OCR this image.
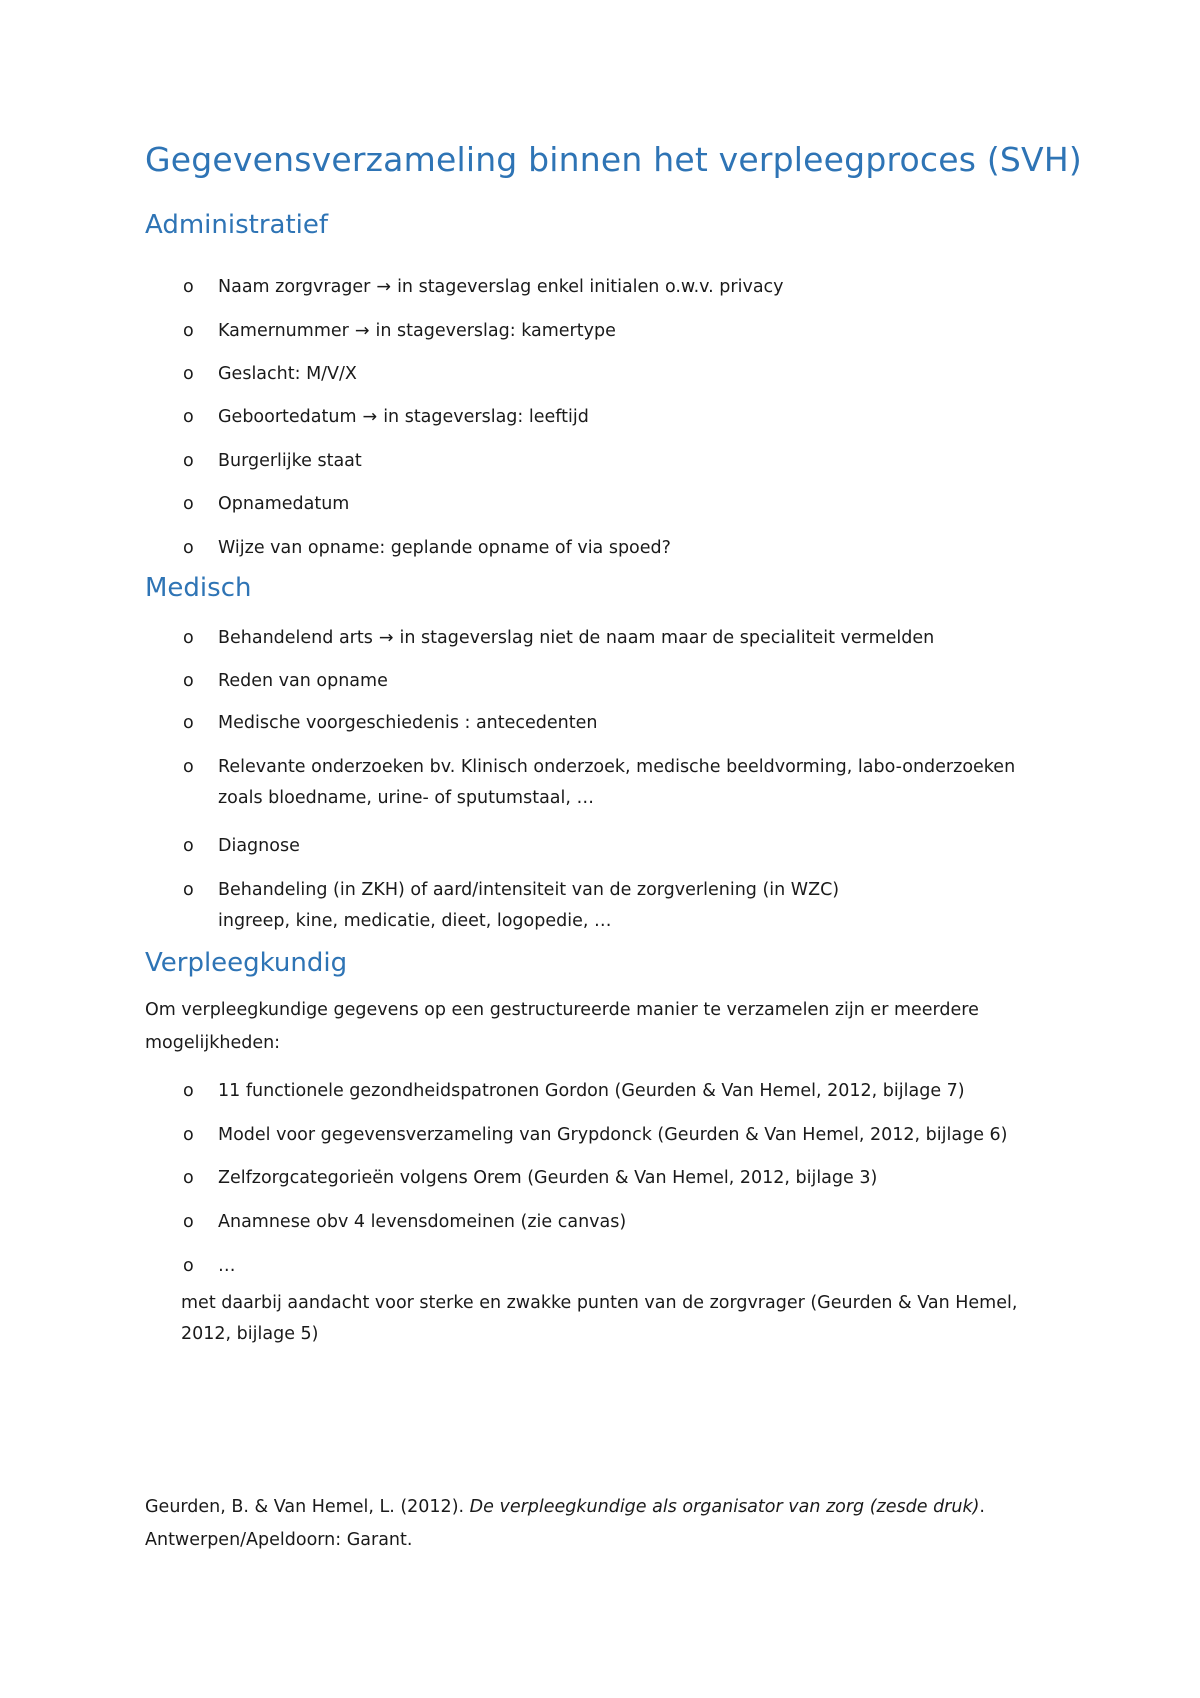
Gegevensverzameling binnen het verpleegproces (SVH)
Administratief
o	Naam zorgvrager → in stageverslag enkel initialen o.w.v. privacy
o	Kamernummer → in stageverslag: kamertype
o	Geslacht: M/V/X
o	Geboortedatum → in stageverslag: leeftijd
o	Burgerlijke staat
o	Opnamedatum
o	Wijze van opname: geplande opname of via spoed?
Medisch
o	Behandelend arts → in stageverslag niet de naam maar de specialiteit vermelden
o	Reden van opname
o	Medische voorgeschiedenis : antecedenten
o	Relevante onderzoeken bv. Klinisch onderzoek, medische beeldvorming, labo-onderzoeken
zoals bloedname, urine- of sputumstaal, …
o	Diagnose
o	Behandeling (in ZKH) of aard/intensiteit van de zorgverlening (in WZC)
ingreep, kine, medicatie, dieet, logopedie, …
Verpleegkundig
Om verpleegkundige gegevens op een gestructureerde manier te verzamelen zijn er meerdere
mogelijkheden:
o	11 functionele gezondheidspatronen Gordon (Geurden & Van Hemel, 2012, bijlage 7)
o	Model voor gegevensverzameling van Grypdonck (Geurden & Van Hemel, 2012, bijlage 6)
o	Zelfzorgcategorieën volgens Orem (Geurden & Van Hemel, 2012, bijlage 3)
o	Anamnese obv 4 levensdomeinen (zie canvas)
o	…
met daarbij aandacht voor sterke en zwakke punten van de zorgvrager (Geurden & Van Hemel,
2012, bijlage 5)
Geurden, B. & Van Hemel, L. (2012). De verpleegkundige als organisator van zorg (zesde druk).
Antwerpen/Apeldoorn: Garant.
